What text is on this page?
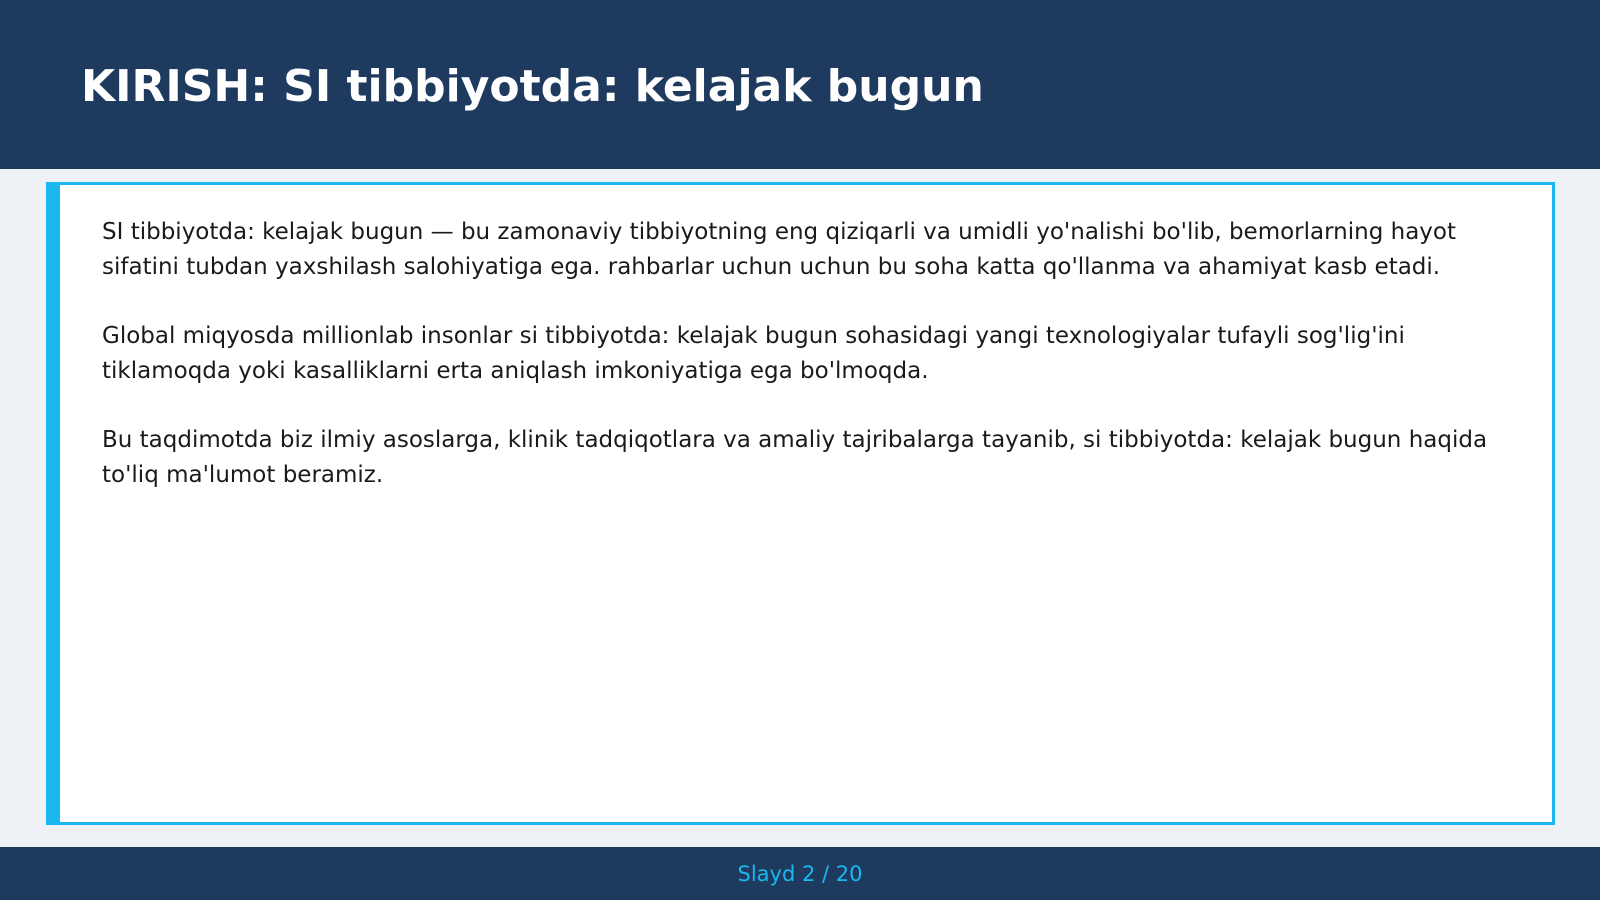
KIRISH: SI tibbiyotda: kelajak bugun

SI tibbiyotda: kelajak bugun — bu zamonaviy tibbiyotning eng qiziqarli va umidli yo'nalishi bo'lib, bemorlarning hayot sifatini tubdan yaxshilash salohiyatiga ega. rahbarlar uchun uchun bu soha katta qo'llanma va ahamiyat kasb etadi.

Global miqyosda millionlab insonlar si tibbiyotda: kelajak bugun sohasidagi yangi texnologiyalar tufayli sog'lig'ini tiklamoqda yoki kasalliklarni erta aniqlash imkoniyatiga ega bo'lmoqda.

Bu taqdimotda biz ilmiy asoslarga, klinik tadqiqotlara va amaliy tajribalarga tayanib, si tibbiyotda: kelajak bugun haqida to'liq ma'lumot beramiz.

Slayd 2 / 20
